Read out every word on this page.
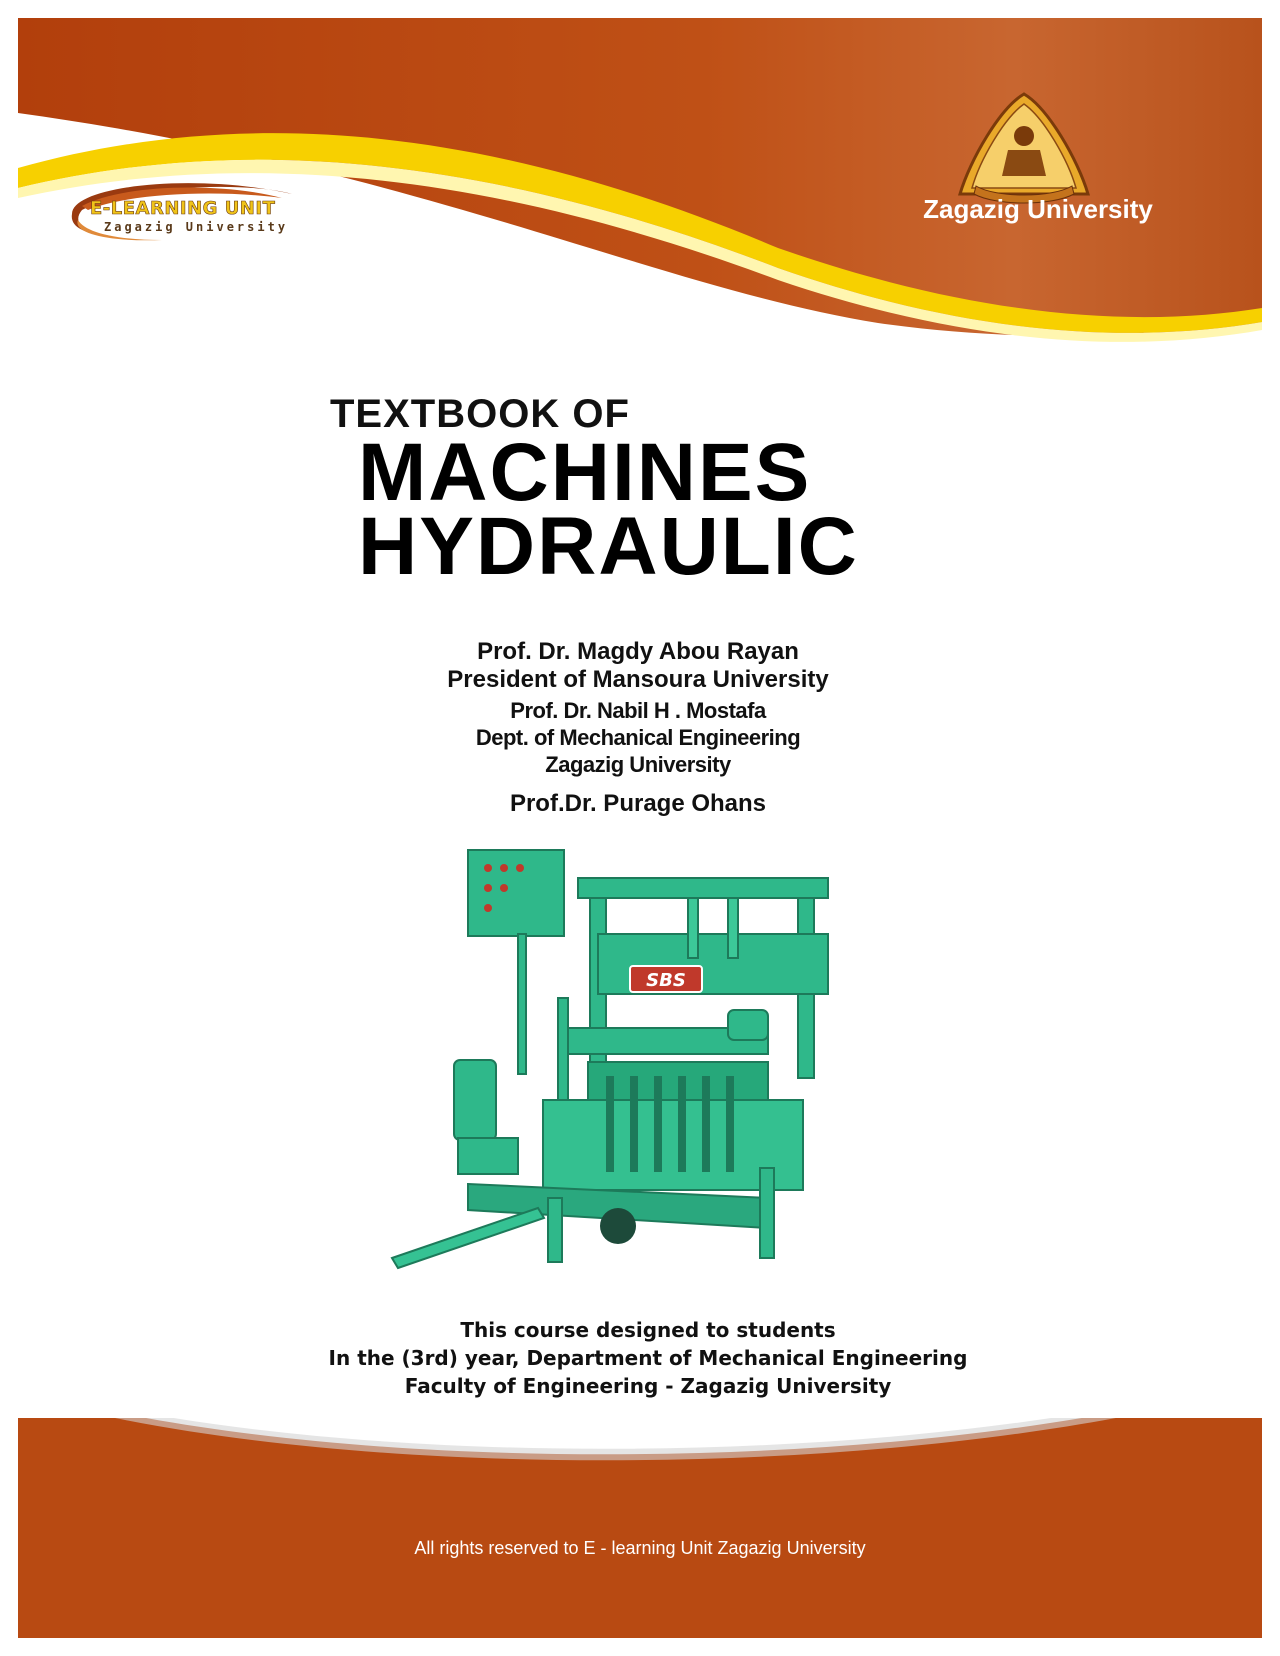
E-LEARNING UNIT
Zagazig University
Zagazig University
TEXTBOOK OF
MACHINES
HYDRAULIC
Prof. Dr. Magdy Abou Rayan
President of Mansoura University
Prof. Dr. Nabil H . Mostafa
Dept. of Mechanical Engineering
Zagazig University
Prof.Dr. Purage Ohans
SBS
This course designed to students
In the (3rd) year, Department of Mechanical Engineering
Faculty of Engineering - Zagazig University
All rights reserved to E - learning Unit Zagazig University
